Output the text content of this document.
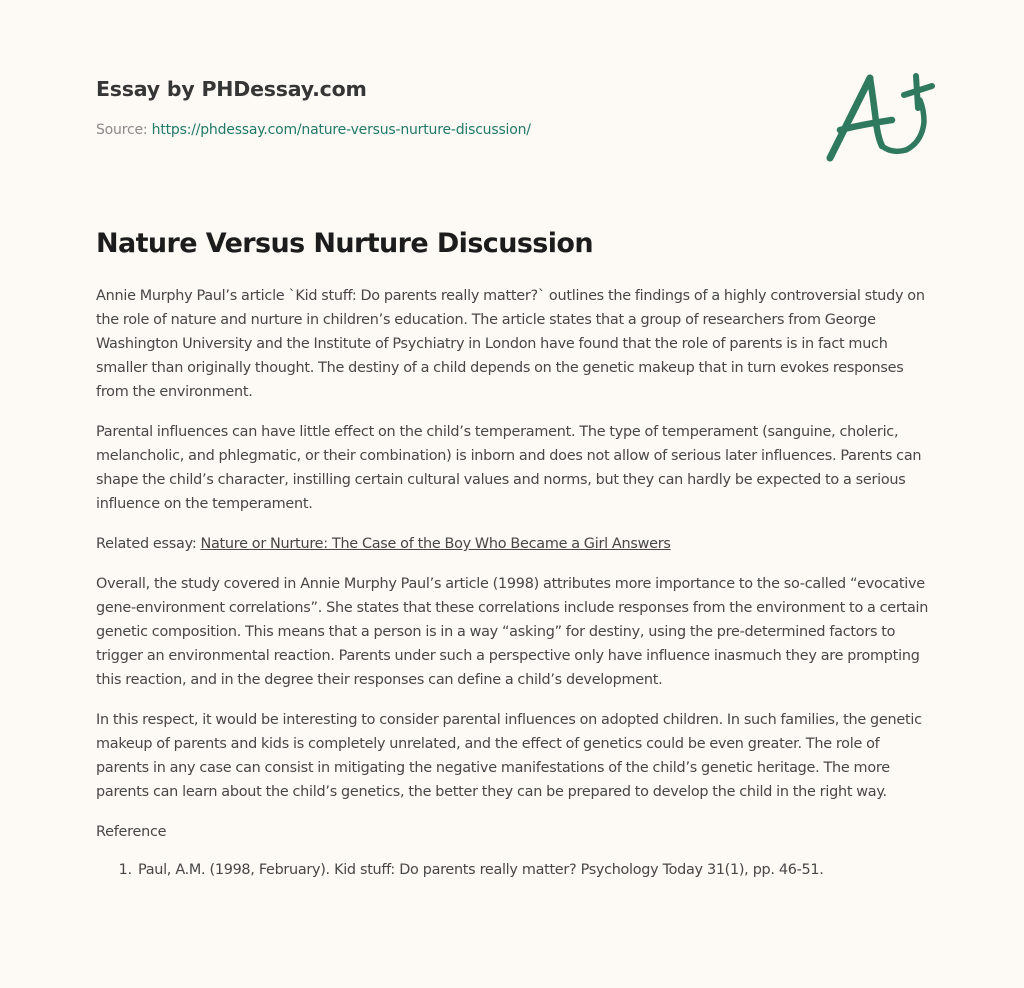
Essay by PHDessay.com
Source: https://phdessay.com/nature-versus-nurture-discussion/
Nature Versus Nurture Discussion

Annie Murphy Paul’s article `Kid stuff: Do parents really matter?` outlines the findings of a highly controversial study on the role of nature and nurture in children’s education. The article states that a group of researchers from George Washington University and the Institute of Psychiatry in London have found that the role of parents is in fact much smaller than originally thought. The destiny of a child depends on the genetic makeup that in turn evokes responses from the environment.

Parental influences can have little effect on the child’s temperament. The type of temperament (sanguine, choleric, melancholic, and phlegmatic, or their combination) is inborn and does not allow of serious later influences. Parents can shape the child’s character, instilling certain cultural values and norms, but they can hardly be expected to a serious influence on the temperament.

Related essay: Nature or Nurture: The Case of the Boy Who Became a Girl Answers

Overall, the study covered in Annie Murphy Paul’s article (1998) attributes more importance to the so-called “evocative gene-environment correlations”. She states that these correlations include responses from the environment to a certain genetic composition. This means that a person is in a way “asking” for destiny, using the pre-determined factors to trigger an environmental reaction. Parents under such a perspective only have influence inasmuch they are prompting this reaction, and in the degree their responses can define a child’s development.

In this respect, it would be interesting to consider parental influences on adopted children. In such families, the genetic makeup of parents and kids is completely unrelated, and the effect of genetics could be even greater. The role of parents in any case can consist in mitigating the negative manifestations of the child’s genetic heritage. The more parents can learn about the child’s genetics, the better they can be prepared to develop the child in the right way.

Reference

1. Paul, A.M. (1998, February). Kid stuff: Do parents really matter? Psychology Today 31(1), pp. 46-51.
